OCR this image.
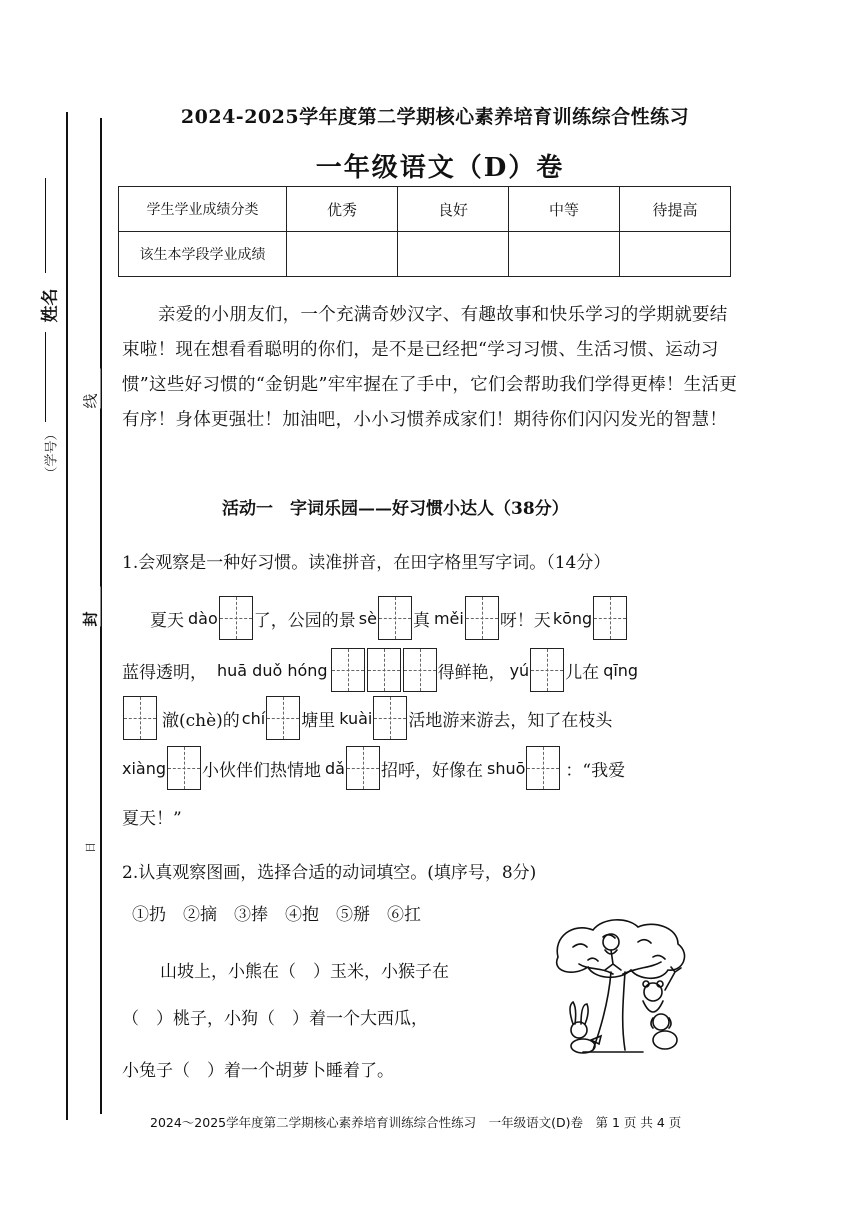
姓名
（学号）
线
封
日
2024-2025学年度第二学期核心素养培育训练综合性练习
一年级语文（D）卷
学生学业成绩分类	优秀	良好	中等	待提高
该生本学段学业成绩				
亲爱的小朋友们，一个充满奇妙汉字、有趣故事和快乐学习的学期就要结束啦！现在想看看聪明的你们，是不是已经把“学习习惯、生活习惯、运动习惯”这些好习惯的“金钥匙”牢牢握在了手中，它们会帮助我们学得更棒！生活更有序！身体更强壮！加油吧，小小习惯养成家们！期待你们闪闪发光的智慧！
活动一　字词乐园——好习惯小达人（38分）
1.会观察是一种好习惯。读准拼音，在田字格里写字词。（14分）
夏天 dào 了，公园的景 sè 真 měi 呀！天 kōng
蓝得透明， huā duǒ hóng	得鲜艳， yú 儿在 qīng
澈(chè)的 chí 塘里 kuài 活地游来游去，知了在枝头
xiàng 小伙伴们热情地 dǎ 招呼，好像在 shuō ：“我爱
夏天！”
2.认真观察图画，选择合适的动词填空。(填序号，8分)
①扔　②摘　③捧　④抱　⑤掰　⑥扛
山坡上，小熊在（　）玉米，小猴子在
（　）桃子，小狗（　）着一个大西瓜，
小兔子（　）着一个胡萝卜睡着了。
2024～2025学年度第二学期核心素养培育训练综合性练习　一年级语文(D)卷　第 1 页 共 4 页
